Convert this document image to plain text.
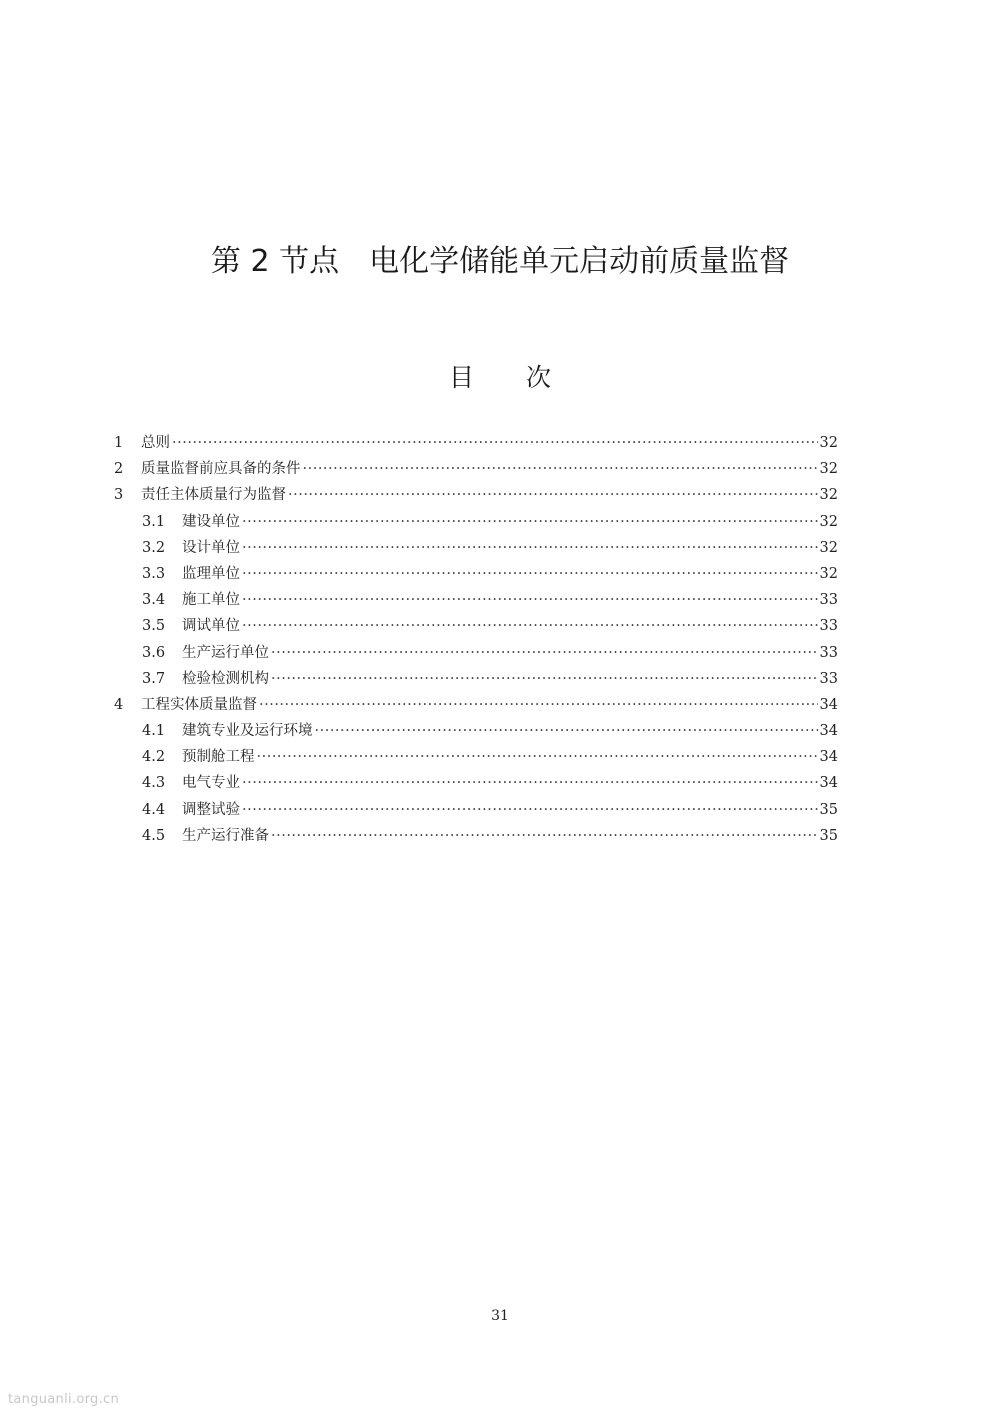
第 2 节点 电化学储能单元启动前质量监督
目次
1	总则 ·····	32
2	质量监督前应具备的条件 ·····	32
3	责任主体质量行为监督 ·····	32
3.1	建设单位 ·····	32
3.2	设计单位 ·····	32
3.3	监理单位 ·····	32
3.4	施工单位 ·····	33
3.5	调试单位 ·····	33
3.6	生产运行单位 ·····	33
3.7	检验检测机构 ·····	33
4	工程实体质量监督 ·····	34
4.1	建筑专业及运行环境 ·····	34
4.2	预制舱工程 ·····	34
4.3	电气专业 ·····	34
4.4	调整试验 ·····	35
4.5	生产运行准备 ·····	35
31
tanguanli.org.cn
